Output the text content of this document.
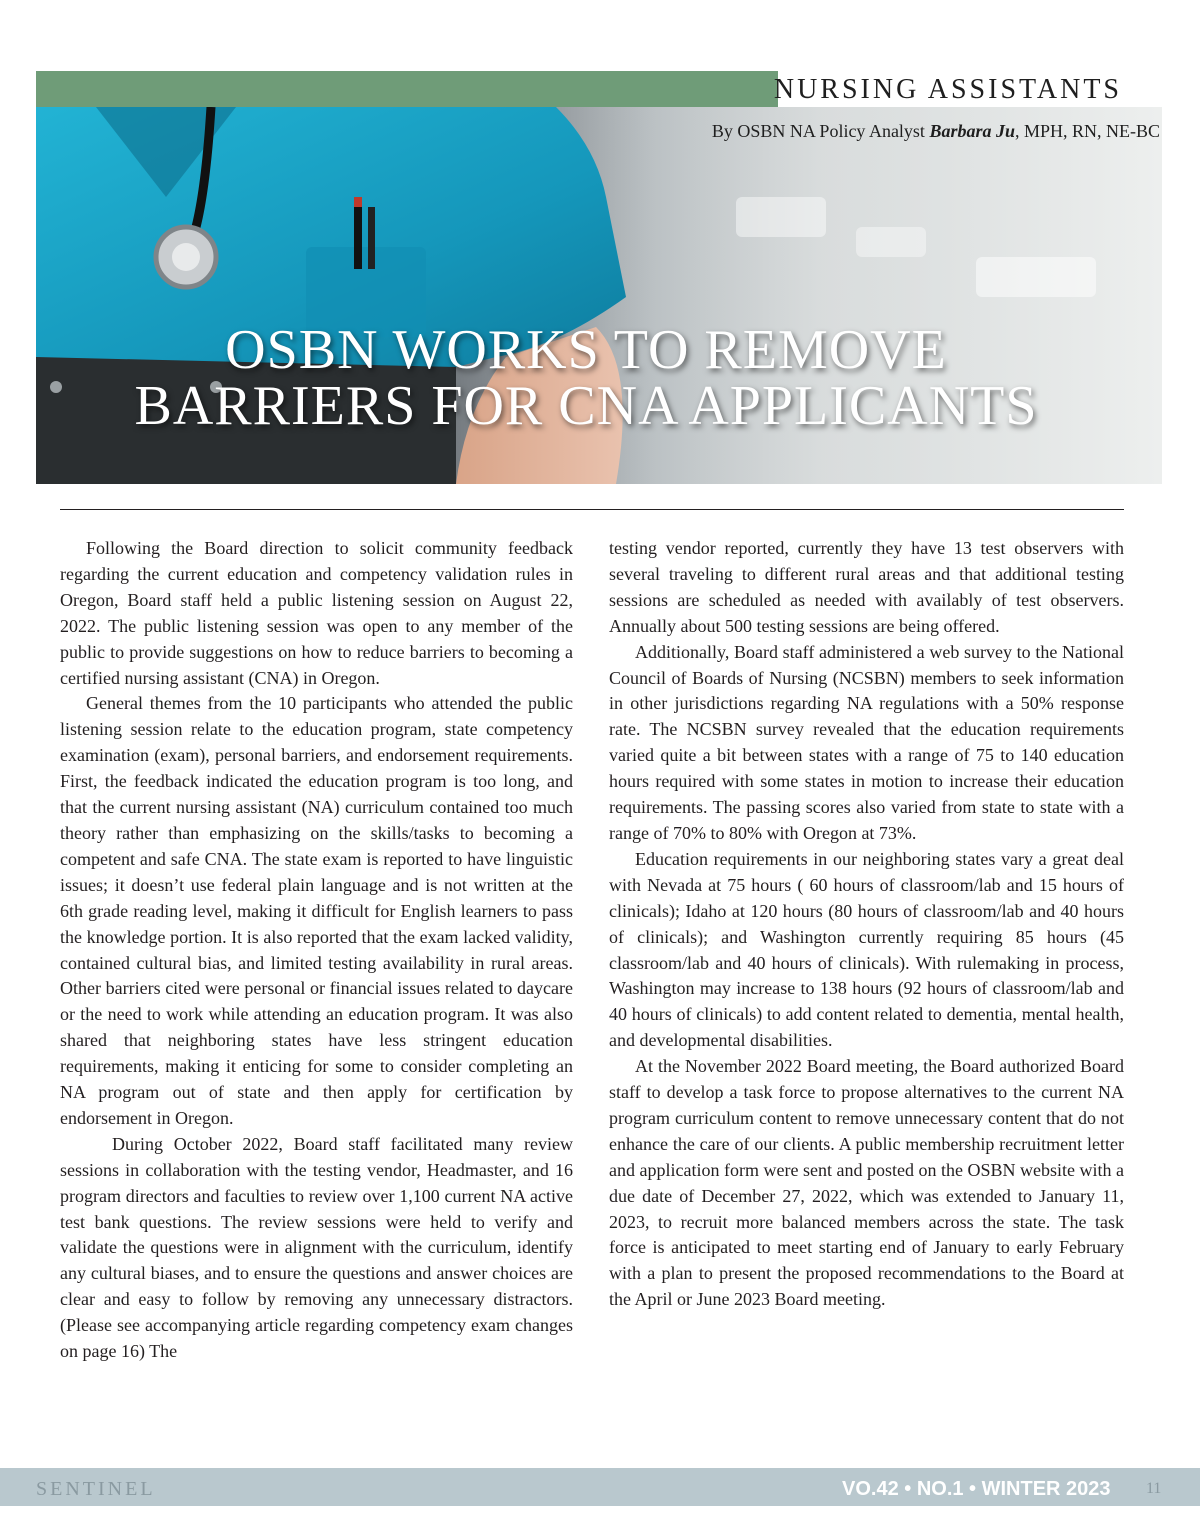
NURSING ASSISTANTS
By OSBN NA Policy Analyst Barbara Ju, MPH, RN, NE-BC
OSBN WORKS TO REMOVE
BARRIERS FOR CNA APPLICANTS

Following the Board direction to solicit community feedback regarding the current education and competency validation rules in Oregon, Board staff held a public listening session on August 22, 2022. The public listening session was open to any member of the public to provide suggestions on how to reduce barriers to becoming a certified nursing assistant (CNA) in Oregon.

General themes from the 10 participants who attended the public listening session relate to the education program, state competency examination (exam), personal barriers, and endorsement requirements. First, the feedback indicated the education program is too long, and that the current nursing assistant (NA) curriculum contained too much theory rather than emphasizing on the skills/tasks to becoming a competent and safe CNA. The state exam is reported to have linguistic issues; it doesn’t use federal plain language and is not written at the 6th grade reading level, making it difficult for English learners to pass the knowledge portion. It is also reported that the exam lacked validity, contained cultural bias, and limited testing availability in rural areas. Other barriers cited were personal or financial issues related to daycare or the need to work while attending an education program. It was also shared that neighboring states have less stringent education requirements, making it enticing for some to consider completing an NA program out of state and then apply for certification by endorsement in Oregon.

During October 2022, Board staff facilitated many review sessions in collaboration with the testing vendor, Headmaster, and 16 program directors and faculties to review over 1,100 current NA active test bank questions. The review sessions were held to verify and validate the questions were in alignment with the curriculum, identify any cultural biases, and to ensure the questions and answer choices are clear and easy to follow by removing any unnecessary distractors. (Please see accompanying article regarding competency exam changes on page 16) The

testing vendor reported, currently they have 13 test observers with several traveling to different rural areas and that additional testing sessions are scheduled as needed with availably of test observers. Annually about 500 testing sessions are being offered.

Additionally, Board staff administered a web survey to the National Council of Boards of Nursing (NCSBN) members to seek information in other jurisdictions regarding NA regulations with a 50% response rate. The NCSBN survey revealed that the education requirements varied quite a bit between states with a range of 75 to 140 education hours required with some states in motion to increase their education requirements. The passing scores also varied from state to state with a range of 70% to 80% with Oregon at 73%.

Education requirements in our neighboring states vary a great deal with Nevada at 75 hours ( 60 hours of classroom/lab and 15 hours of clinicals); Idaho at 120 hours (80 hours of classroom/lab and 40 hours of clinicals); and Washington currently requiring 85 hours (45 classroom/lab and 40 hours of clinicals). With rulemaking in process, Washington may increase to 138 hours (92 hours of classroom/lab and 40 hours of clinicals) to add content related to dementia, mental health, and developmental disabilities.

At the November 2022 Board meeting, the Board authorized Board staff to develop a task force to propose alternatives to the current NA program curriculum content to remove unnecessary content that do not enhance the care of our clients. A public membership recruitment letter and application form were sent and posted on the OSBN website with a due date of December 27, 2022, which was extended to January 11, 2023, to recruit more balanced members across the state. The task force is anticipated to meet starting end of January to early February with a plan to present the proposed recommendations to the Board at the April or June 2023 Board meeting.

SENTINEL	VO.42 • NO.1 • WINTER 2023 11
